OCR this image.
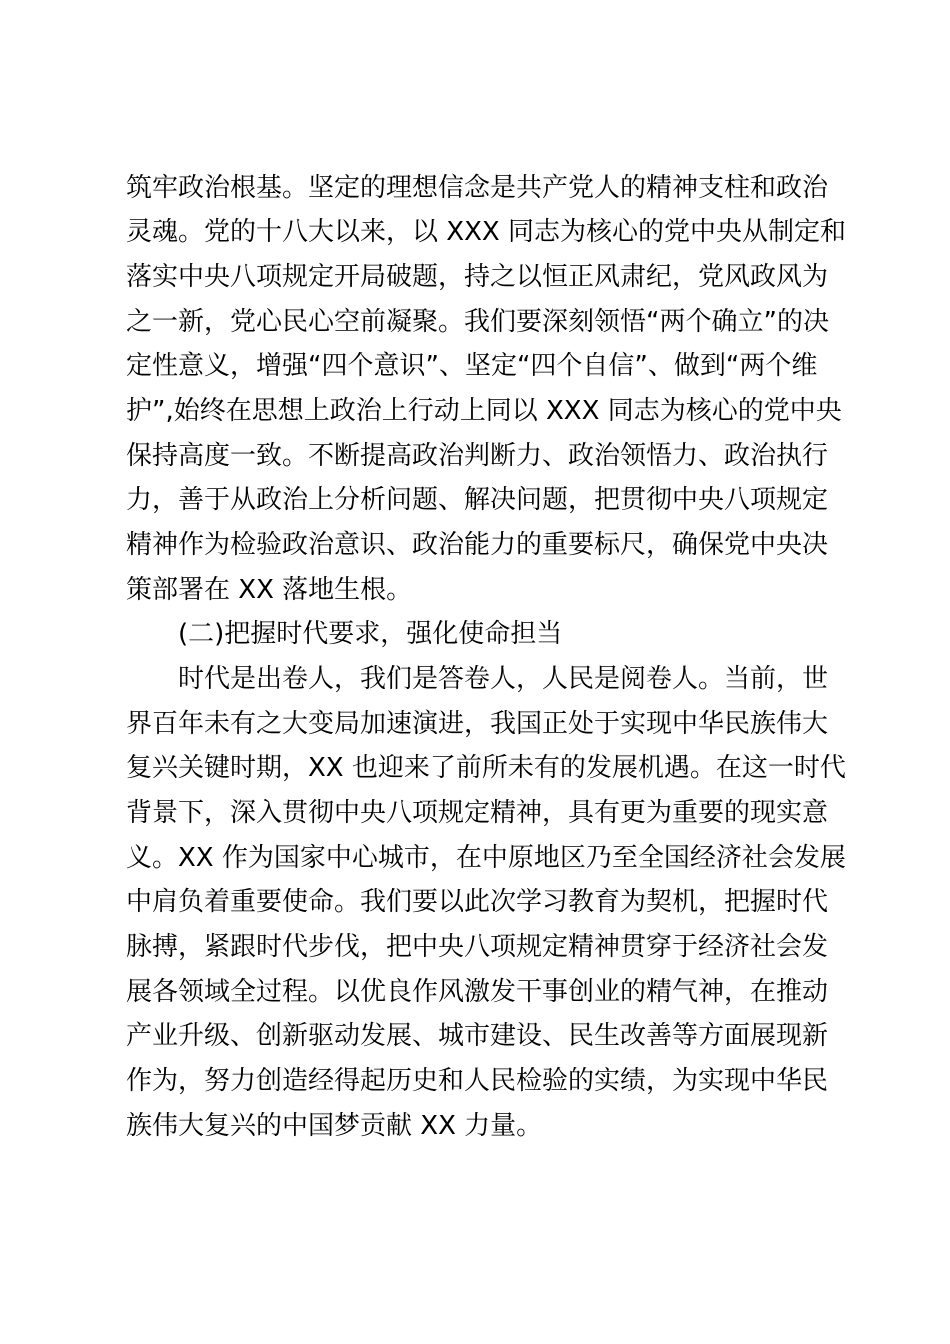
筑牢政治根基。坚定的理想信念是共产党人的精神支柱和政治
灵魂。党的十八大以来，以 XXX 同志为核心的党中央从制定和
落实中央八项规定开局破题，持之以恒正风肃纪，党风政风为
之一新，党心民心空前凝聚。我们要深刻领悟“两个确立”的决
定性意义，增强“四个意识”、坚定“四个自信”、做到“两个维
护”,始终在思想上政治上行动上同以 XXX 同志为核心的党中央
保持高度一致。不断提高政治判断力、政治领悟力、政治执行
力，善于从政治上分析问题、解决问题，把贯彻中央八项规定
精神作为检验政治意识、政治能力的重要标尺，确保党中央决
策部署在 XX 落地生根。
(二)把握时代要求，强化使命担当
时代是出卷人，我们是答卷人，人民是阅卷人。当前，世
界百年未有之大变局加速演进，我国正处于实现中华民族伟大
复兴关键时期，XX 也迎来了前所未有的发展机遇。在这一时代
背景下，深入贯彻中央八项规定精神，具有更为重要的现实意
义。XX 作为国家中心城市，在中原地区乃至全国经济社会发展
中肩负着重要使命。我们要以此次学习教育为契机，把握时代
脉搏，紧跟时代步伐，把中央八项规定精神贯穿于经济社会发
展各领域全过程。以优良作风激发干事创业的精气神，在推动
产业升级、创新驱动发展、城市建设、民生改善等方面展现新
作为，努力创造经得起历史和人民检验的实绩，为实现中华民
族伟大复兴的中国梦贡献 XX 力量。
